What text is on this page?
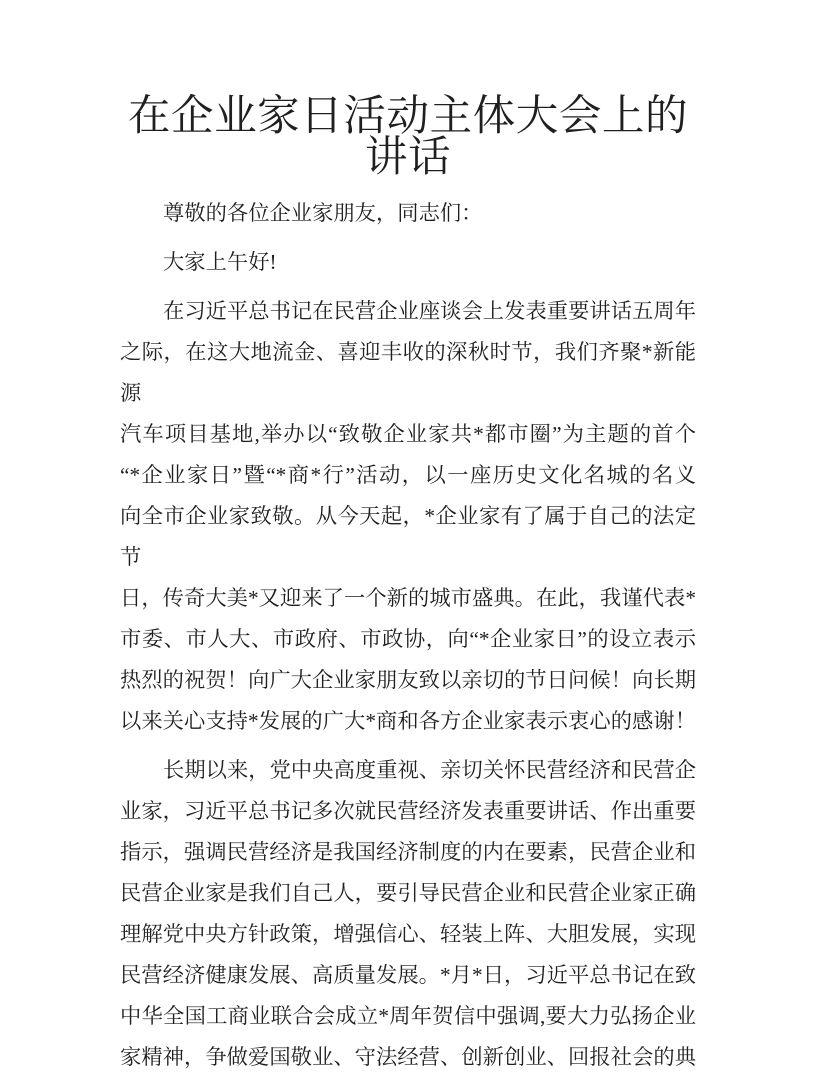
在企业家日活动主体大会上的讲话

尊敬的各位企业家朋友，同志们：

大家上午好!

在习近平总书记在民营企业座谈会上发表重要讲话五周年
之际，在这大地流金、喜迎丰收的深秋时节，我们齐聚*新能源
汽车项目基地,举办以“致敬企业家共*都市圈”为主题的首个
“*企业家日”暨“*商*行”活动，以一座历史文化名城的名义
向全市企业家致敬。从今天起，*企业家有了属于自己的法定节
日，传奇大美*又迎来了一个新的城市盛典。在此，我谨代表*
市委、市人大、市政府、市政协，向“*企业家日”的设立表示
热烈的祝贺！向广大企业家朋友致以亲切的节日问候！向长期
以来关心支持*发展的广大*商和各方企业家表示衷心的感谢！
长期以来，党中央高度重视、亲切关怀民营经济和民营企
业家，习近平总书记多次就民营经济发表重要讲话、作出重要
指示，强调民营经济是我国经济制度的内在要素，民营企业和
民营企业家是我们自己人，要引导民营企业和民营企业家正确
理解党中央方针政策，增强信心、轻装上阵、大胆发展，实现
民营经济健康发展、高质量发展。*月*日，习近平总书记在致
中华全国工商业联合会成立*周年贺信中强调,要大力弘扬企业
家精神，争做爱国敬业、守法经营、创新创业、回报社会的典
